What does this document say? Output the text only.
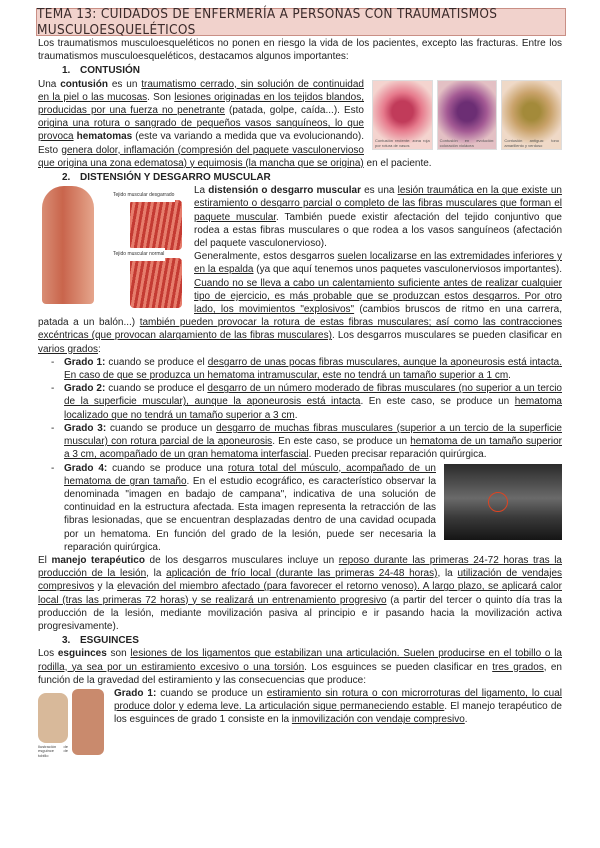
TEMA 13: CUIDADOS DE ENFERMERÍA A PERSONAS CON TRAUMATISMOS MUSCULOESQUELÉTICOS

Los traumatismos musculoesqueléticos no ponen en riesgo la vida de los pacientes, excepto las fracturas. Entre los traumatismos musculoesqueléticos, destacamos algunos importantes:

1. CONTUSIÓN

Contusión reciente: zona roja por rotura de vasos
Contusión en evolución: coloración violácea
Contusión antigua: tono amarillento y verdoso

Una contusión es un traumatismo cerrado, sin solución de continuidad en la piel o las mucosas. Son lesiones originadas en los tejidos blandos, producidas por una fuerza no penetrante (patada, golpe, caída...). Esto origina una rotura o sangrado de pequeños vasos sanguíneos, lo que provoca hematomas (este va variando a medida que va evolucionando). Esto genera dolor, inflamación (compresión del paquete vasculonervioso que origina una zona edematosa) y equimosis (la mancha que se origina) en el paciente.

2. DISTENSIÓN Y DESGARRO MUSCULAR

Tejido muscular desgarrado
Tejido muscular normal

La distensión o desgarro muscular es una lesión traumática en la que existe un estiramiento o desgarro parcial o completo de las fibras musculares que forman el paquete muscular. También puede existir afectación del tejido conjuntivo que rodea a estas fibras musculares o que rodea a los vasos sanguíneos (afectación del paquete vasculonervioso).

Generalmente, estos desgarros suelen localizarse en las extremidades inferiores y en la espalda (ya que aquí tenemos unos paquetes vasculonerviosos importantes). Cuando no se lleva a cabo un calentamiento suficiente antes de realizar cualquier tipo de ejercicio, es más probable que se produzcan estos desgarros. Por otro lado, los movimientos "explosivos" (cambios bruscos de ritmo en una carrera, patada a un balón...) también pueden provocar la rotura de estas fibras musculares; así como las contracciones excéntricas (que provocan alargamiento de las fibras musculares). Los desgarros musculares se pueden clasificar en varios grados:

- Grado 1: cuando se produce el desgarro de unas pocas fibras musculares, aunque la aponeurosis está intacta. En caso de que se produzca un hematoma intramuscular, este no tendrá un tamaño superior a 1 cm.
- Grado 2: cuando se produce el desgarro de un número moderado de fibras musculares (no superior a un tercio de la superficie muscular), aunque la aponeurosis está intacta. En este caso, se produce un hematoma localizado que no tendrá un tamaño superior a 3 cm.
- Grado 3: cuando se produce un desgarro de muchas fibras musculares (superior a un tercio de la superficie muscular) con rotura parcial de la aponeurosis. En este caso, se produce un hematoma de un tamaño superior a 3 cm, acompañado de un gran hematoma interfascial. Pueden precisar reparación quirúrgica.
- Grado 4: cuando se produce una rotura total del músculo, acompañado de un hematoma de gran tamaño. En el estudio ecográfico, es característico observar la denominada "imagen en badajo de campana", indicativa de una solución de continuidad en la estructura afectada. Esta imagen representa la retracción de las fibras lesionadas, que se encuentran desplazadas dentro de una cavidad ocupada por un hematoma. En función del grado de la lesión, puede ser necesaria la reparación quirúrgica.

El manejo terapéutico de los desgarros musculares incluye un reposo durante las primeras 24-72 horas tras la producción de la lesión, la aplicación de frío local (durante las primeras 24-48 horas), la utilización de vendajes compresivos y la elevación del miembro afectado (para favorecer el retorno venoso). A largo plazo, se aplicará calor local (tras las primeras 72 horas) y se realizará un entrenamiento progresivo (a partir del tercer o quinto día tras la producción de la lesión, mediante movilización pasiva al principio e ir pasando hacia la movilización activa progresivamente).

3. ESGUINCES

Los esguinces son lesiones de los ligamentos que estabilizan una articulación. Suelen producirse en el tobillo o la rodilla, ya sea por un estiramiento excesivo o una torsión. Los esguinces se pueden clasificar en tres grados, en función de la gravedad del estiramiento y las consecuencias que produce:

Ilustración de esguince de tobillo

- Grado 1: cuando se produce un estiramiento sin rotura o con microrroturas del ligamento, lo cual produce dolor y edema leve. La articulación sigue permaneciendo estable. El manejo terapéutico de los esguinces de grado 1 consiste en la inmovilización con vendaje compresivo.
